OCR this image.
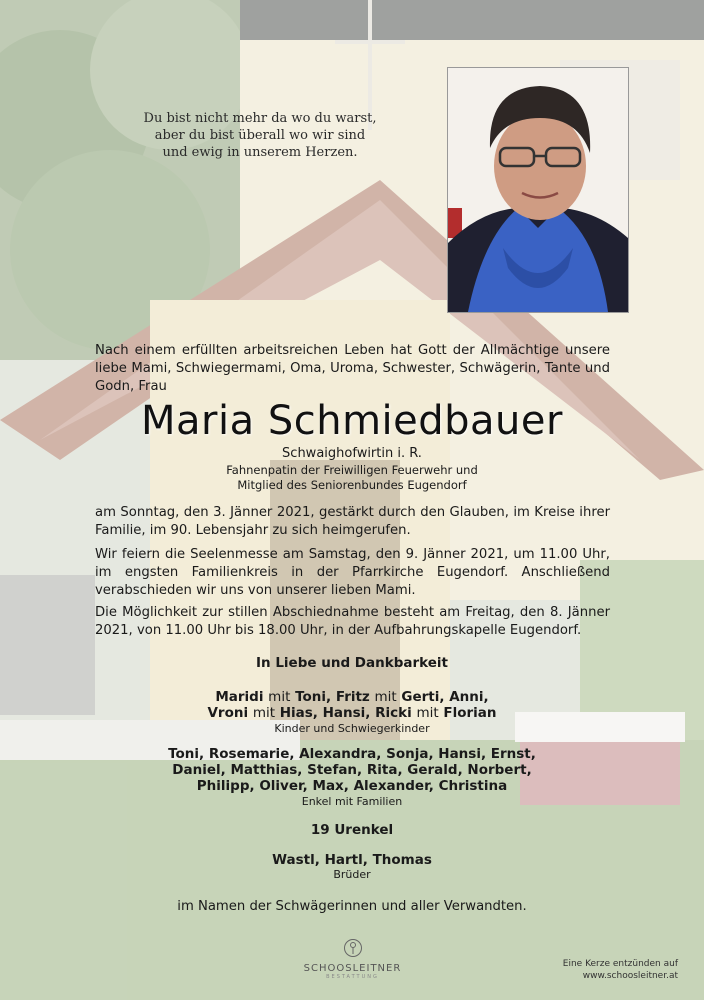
Du bist nicht mehr da wo du warst,
aber du bist überall wo wir sind
und ewig in unserem Herzen.
Nach einem erfüllten arbeitsreichen Leben hat Gott der Allmächtige unsere liebe Mami, Schwiegermami, Oma, Uroma, Schwester, Schwägerin, Tante und Godn, Frau
Maria Schmiedbauer
Schwaighofwirtin i. R.
Fahnenpatin der Freiwilligen Feuerwehr und
Mitglied des Seniorenbundes Eugendorf
am Sonntag, den 3. Jänner 2021, gestärkt durch den Glauben, im Kreise ihrer Familie, im 90. Lebensjahr zu sich heimgerufen.
Wir feiern die Seelenmesse am Samstag, den 9. Jänner 2021, um 11.00 Uhr, im engsten Familienkreis in der Pfarrkirche Eugendorf. Anschließend verabschieden wir uns von unserer lieben Mami.
Die Möglichkeit zur stillen Abschiednahme besteht am Freitag, den 8. Jänner 2021, von 11.00 Uhr bis 18.00 Uhr, in der Aufbahrungskapelle Eugendorf.
In Liebe und Dankbarkeit
Maridi mit Toni, Fritz mit Gerti, Anni,
Vroni mit Hias, Hansi, Ricki mit Florian
Kinder und Schwiegerkinder
Toni, Rosemarie, Alexandra, Sonja, Hansi, Ernst,
Daniel, Matthias, Stefan, Rita, Gerald, Norbert,
Philipp, Oliver, Max, Alexander, Christina
Enkel mit Familien
19 Urenkel
Wastl, Hartl, Thomas
Brüder
im Namen der Schwägerinnen und aller Verwandten.
SCHOOSLEITNER
BESTATTUNG
Eine Kerze entzünden auf
www.schoosleitner.at
